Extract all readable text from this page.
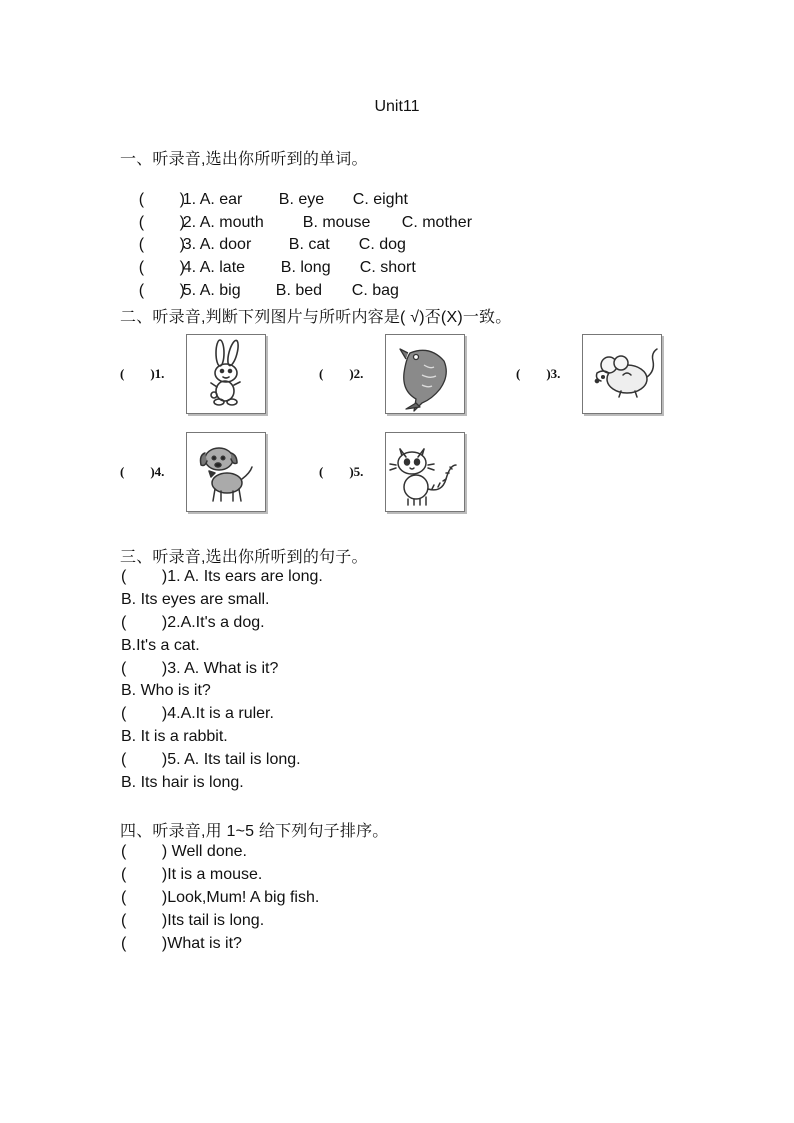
Unit11
一、听录音,选出你所听到的单词。

(        )1. A. ear B. eye C. eight

(        )2. A. mouth B. mouse C. mother

(        )3. A. door B. cat C. dog

(        )4. A. late B. long C. short

(        )5. A. big B. bed C. bag

二、听录音,判断下列图片与所听内容是( √)否(X)一致。
(        )1.	(        )2.	(        )3.
(        )4.	(        )5.
三、听录音,选出你所听到的句子。
(        )1. A. Its ears are long.
B. Its eyes are small.
(        )2.A.It's a dog.
B.It's a cat.
(        )3. A. What is it?
B. Who is it?
(        )4.A.It is a ruler.
B. It is a rabbit.
(        )5. A. Its tail is long.
B. Its hair is long.
四、听录音,用 1~5 给下列句子排序。
(        ) Well done.
(        )It is a mouse.
(        )Look,Mum! A big fish.
(        )Its tail is long.
(        )What is it?
